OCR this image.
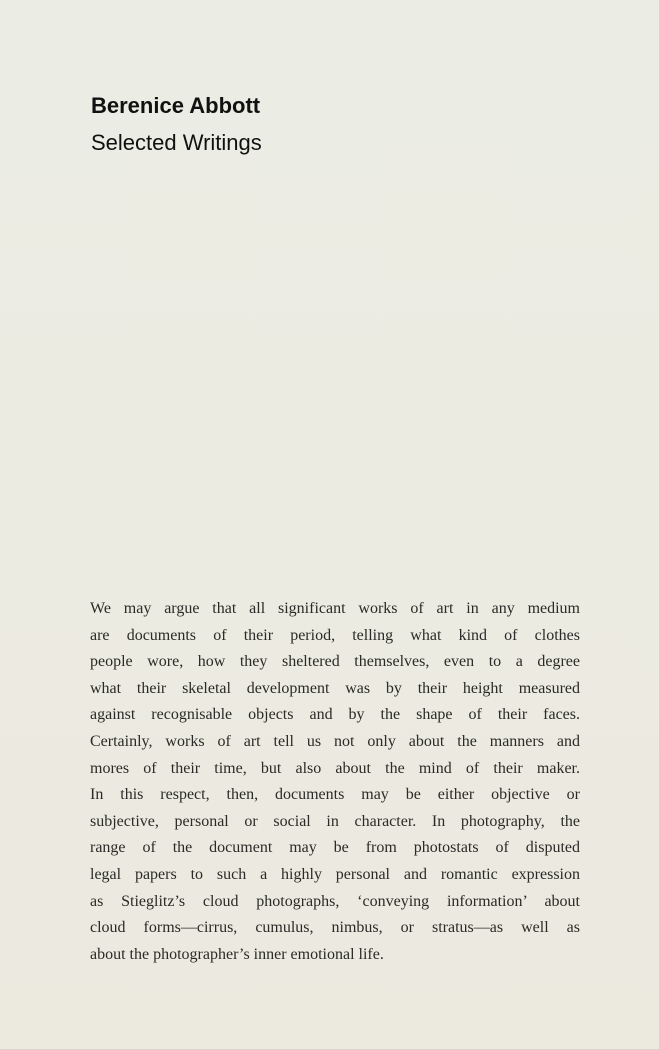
Berenice Abbott
Selected Writings
We may argue that all significant works of art in any medium
are documents of their period, telling what kind of clothes
people wore, how they sheltered themselves, even to a degree
what their skeletal development was by their height measured
against recognisable objects and by the shape of their faces.
Certainly, works of art tell us not only about the manners and
mores of their time, but also about the mind of their maker.
In this respect, then, documents may be either objective or
subjective, personal or social in character. In photography, the
range of the document may be from photostats of disputed
legal papers to such a highly personal and romantic expression
as Stieglitz’s cloud photographs, ‘conveying information’ about
cloud forms—cirrus, cumulus, nimbus, or stratus—as well as
about the photographer’s inner emotional life.
